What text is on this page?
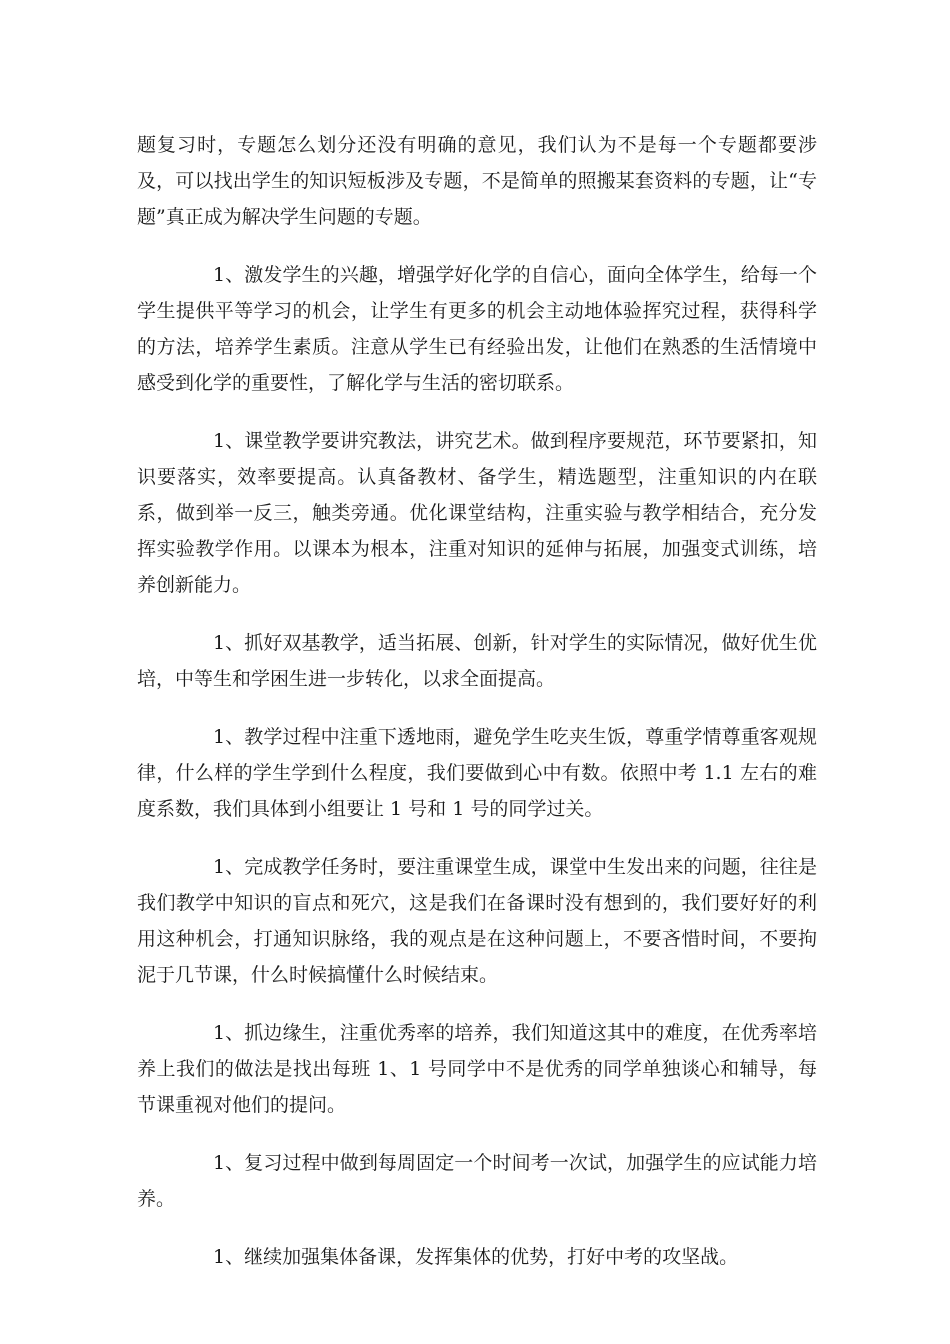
题复习时，专题怎么划分还没有明确的意见，我们认为不是每一个专题都要涉及，可以找出学生的知识短板涉及专题，不是简单的照搬某套资料的专题，让“专题”真正成为解决学生问题的专题。

1、激发学生的兴趣，增强学好化学的自信心，面向全体学生，给每一个学生提供平等学习的机会，让学生有更多的机会主动地体验挥究过程，获得科学的方法，培养学生素质。注意从学生已有经验出发，让他们在熟悉的生活情境中感受到化学的重要性，了解化学与生活的密切联系。

1、课堂教学要讲究教法，讲究艺术。做到程序要规范，环节要紧扣，知识要落实，效率要提高。认真备教材、备学生，精选题型，注重知识的内在联系，做到举一反三，触类旁通。优化课堂结构，注重实验与教学相结合，充分发挥实验教学作用。以课本为根本，注重对知识的延伸与拓展，加强变式训练，培养创新能力。

1、抓好双基教学，适当拓展、创新，针对学生的实际情况，做好优生优培，中等生和学困生进一步转化，以求全面提高。

1、教学过程中注重下透地雨，避免学生吃夹生饭，尊重学情尊重客观规律，什么样的学生学到什么程度，我们要做到心中有数。依照中考 1.1 左右的难度系数，我们具体到小组要让 1 号和 1 号的同学过关。

1、完成教学任务时，要注重课堂生成，课堂中生发出来的问题，往往是我们教学中知识的盲点和死穴，这是我们在备课时没有想到的，我们要好好的利用这种机会，打通知识脉络，我的观点是在这种问题上，不要吝惜时间，不要拘泥于几节课，什么时候搞懂什么时候结束。

1、抓边缘生，注重优秀率的培养，我们知道这其中的难度，在优秀率培养上我们的做法是找出每班 1、1 号同学中不是优秀的同学单独谈心和辅导，每节课重视对他们的提问。

1、复习过程中做到每周固定一个时间考一次试，加强学生的应试能力培养。

1、继续加强集体备课，发挥集体的优势，打好中考的攻坚战。
